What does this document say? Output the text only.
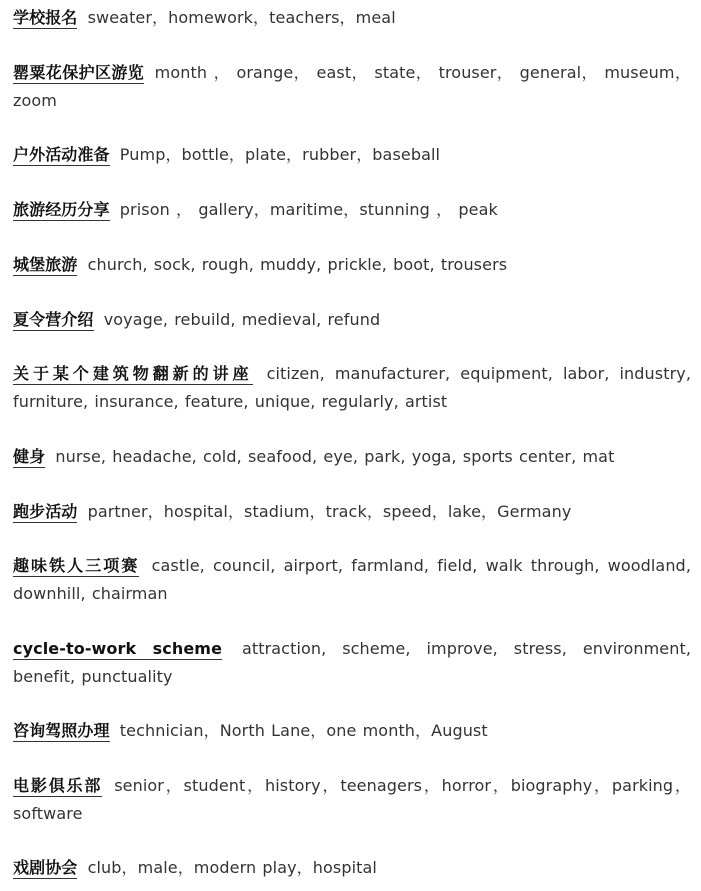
学校报名 sweater，homework，teachers，meal

罂粟花保护区游览 month ， orange， east， state， trouser， general， museum，zoom

户外活动准备 Pump，bottle，plate，rubber，baseball

旅游经历分享 prison ， gallery，maritime，stunning ， peak

城堡旅游 church, sock, rough, muddy, prickle, boot, trousers

夏令营介绍 voyage, rebuild, medieval, refund

关于某个建筑物翻新的讲座 citizen, manufacturer, equipment, labor, industry, furniture, insurance, feature, unique, regularly, artist

健身 nurse, headache, cold, seafood, eye, park, yoga, sports center, mat

跑步活动 partner，hospital，stadium，track，speed，lake，Germany

趣味铁人三项赛 castle, council, airport, farmland, field, walk through, woodland, downhill, chairman

cycle-to-work scheme attraction, scheme, improve, stress, environment, benefit, punctuality

咨询驾照办理 technician，North Lane，one month，August

电影俱乐部 senior，student，history，teenagers，horror，biography，parking，software

戏剧协会 club，male，modern play，hospital
